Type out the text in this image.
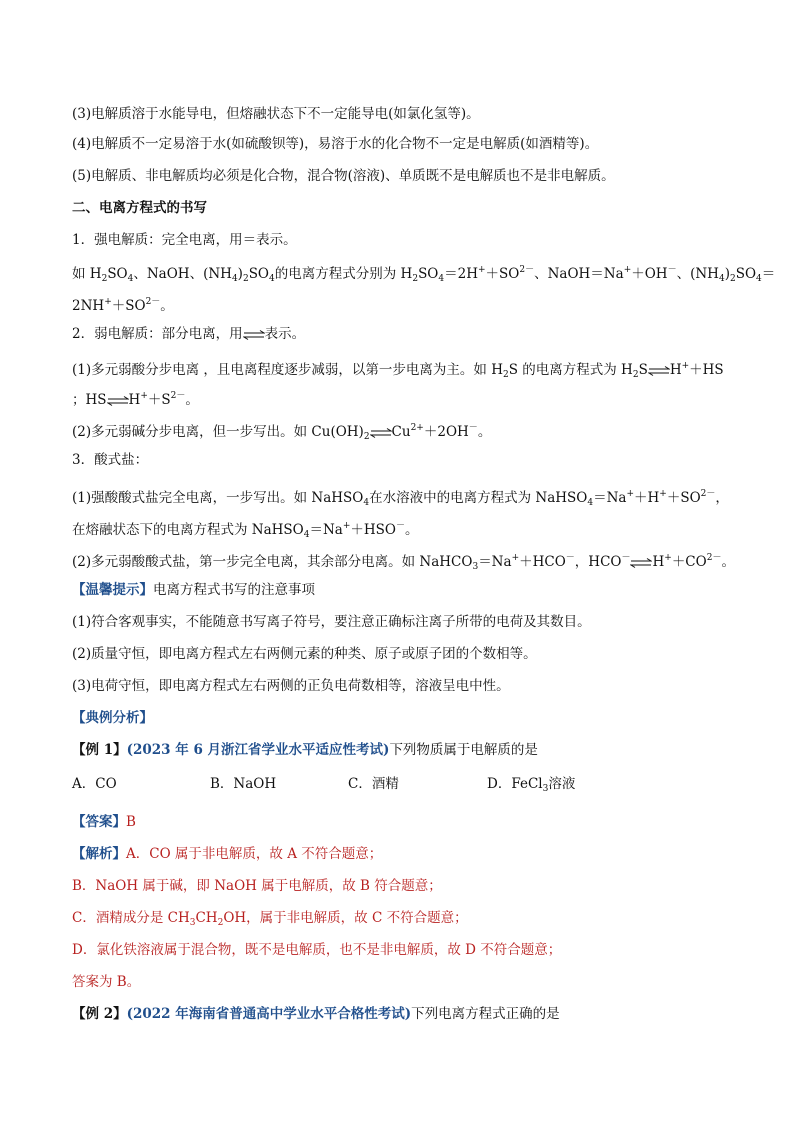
(3)电解质溶于水能导电，但熔融状态下不一定能导电(如氯化氢等)。
(4)电解质不一定易溶于水(如硫酸钡等)，易溶于水的化合物不一定是电解质(如酒精等)。
(5)电解质、非电解质均必须是化合物，混合物(溶液)、单质既不是电解质也不是非电解质。
二、电离方程式的书写
1．强电解质：完全电离，用＝表示。
如 $H_2SO_4$、NaOH、$(NH_4)_2SO_4$的电离方程式分别为 $H_2SO_4=2H^++SO^{2-}$、NaOH＝Na+＋OH－、$(NH_4)_2SO_4=$
$2NH^++SO^{2-}$。
2．弱电解质：部分电离，用⇌表示。
(1)多元弱酸分步电离 ，且电离程度逐步减弱，以第一步电离为主。如 $H_2S$ 的电离方程式为 $H_2S\rightleftharpoons H^++HS$
；$HS\rightleftharpoons H^++S^{2-}$。
(2)多元弱碱分步电离，但一步写出。如 $Cu(OH)_2\rightleftharpoons Cu^{2+}+2OH^-$。
3．酸式盐：
(1)强酸酸式盐完全电离，一步写出。如 NaHSO$_4$在水溶液中的电离方程式为 $NaHSO_4=Na^++H^++SO^{2-}$，
在熔融状态下的电离方程式为 NaHSO$_4$＝Na+＋HSO－。
(2)多元弱酸酸式盐，第一步完全电离，其余部分电离。如 NaHCO$_3$＝Na+＋HCO－，$HCO^-\rightleftharpoons H^++CO^{2-}$。
【温馨提示】电离方程式书写的注意事项
(1)符合客观事实，不能随意书写离子符号，要注意正确标注离子所带的电荷及其数目。
(2)质量守恒，即电离方程式左右两侧元素的种类、原子或原子团的个数相等。
(3)电荷守恒，即电离方程式左右两侧的正负电荷数相等，溶液呈电中性。
【典例分析】
【例 1】(2023 年 6 月浙江省学业水平适应性考试)下列物质属于电解质的是
A．CO	B．NaOH	C．酒精	D．FeCl$_3$溶液
【答案】B
【解析】A．CO 属于非电解质，故 A 不符合题意；
B．NaOH 属于碱，即 NaOH 属于电解质，故 B 符合题意；
C．酒精成分是 $CH_3CH_2OH$，属于非电解质，故 C 不符合题意；
D．氯化铁溶液属于混合物，既不是电解质，也不是非电解质，故 D 不符合题意；
答案为 B。
【例 2】(2022 年海南省普通高中学业水平合格性考试)下列电离方程式正确的是
